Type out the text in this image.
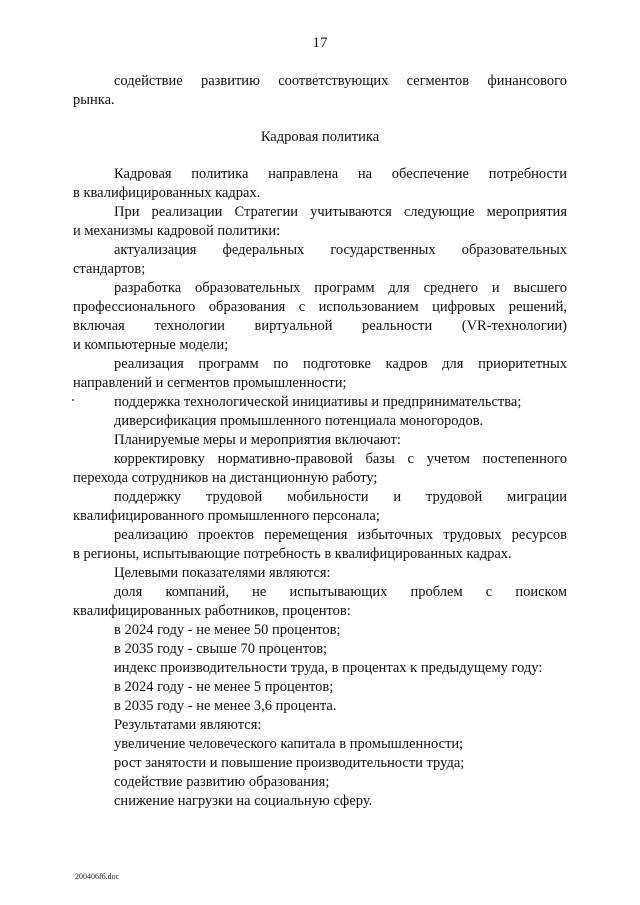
17
содействие развитию соответствующих сегментов финансового
рынка.
Кадровая политика
Кадровая политика направлена на обеспечение потребности
в квалифицированных кадрах.
При реализации Стратегии учитываются следующие мероприятия
и механизмы кадровой политики:
актуализация федеральных государственных образовательных
стандартов;
разработка образовательных программ для среднего и высшего
профессионального образования с использованием цифровых решений,
включая технологии виртуальной реальности (VR-технологии)
и компьютерные модели;
реализация программ по подготовке кадров для приоритетных
направлений и сегментов промышленности;
поддержка технологической инициативы и предпринимательства;
диверсификация промышленного потенциала моногородов.
Планируемые меры и мероприятия включают:
корректировку нормативно-правовой базы с учетом постепенного
перехода сотрудников на дистанционную работу;
поддержку трудовой мобильности и трудовой миграции
квалифицированного промышленного персонала;
реализацию проектов перемещения избыточных трудовых ресурсов
в регионы, испытывающие потребность в квалифицированных кадрах.
Целевыми показателями являются:
доля компаний, не испытывающих проблем с поиском
квалифицированных работников, процентов:
в 2024 году - не менее 50 процентов;
в 2035 году - свыше 70 процентов;
индекс производительности труда, в процентах к предыдущему году:
в 2024 году - не менее 5 процентов;
в 2035 году - не менее 3,6 процента.
Результатами являются:
увеличение человеческого капитала в промышленности;
рост занятости и повышение производительности труда;
содействие развитию образования;
снижение нагрузки на социальную сферу.
200406f6.doc
